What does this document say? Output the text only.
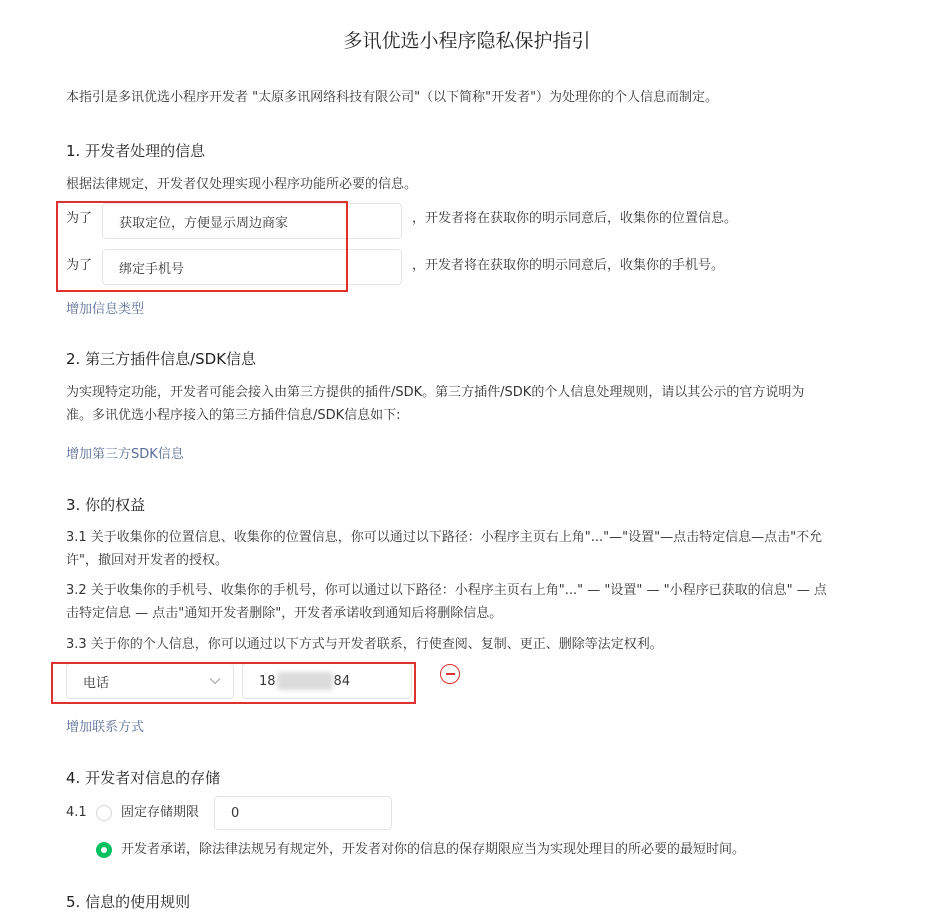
多讯优选小程序隐私保护指引
本指引是多讯优选小程序开发者 "太原多讯网络科技有限公司"（以下简称"开发者"）为处理你的个人信息而制定。
1. 开发者处理的信息
根据法律规定，开发者仅处理实现小程序功能所必要的信息。
为了	获取定位，方便显示周边商家	，开发者将在获取你的明示同意后，收集你的位置信息。
为了	绑定手机号	，开发者将在获取你的明示同意后，收集你的手机号。
增加信息类型
2. 第三方插件信息/SDK信息
为实现特定功能，开发者可能会接入由第三方提供的插件/SDK。第三方插件/SDK的个人信息处理规则，请以其公示的官方说明为
准。多讯优选小程序接入的第三方插件信息/SDK信息如下:
增加第三方SDK信息
3. 你的权益
3.1 关于收集你的位置信息、收集你的位置信息，你可以通过以下路径：小程序主页右上角"..."—"设置"—点击特定信息—点击"不允
许"，撤回对开发者的授权。
3.2 关于收集你的手机号、收集你的手机号，你可以通过以下路径：小程序主页右上角"..." — "设置" — "小程序已获取的信息" — 点
击特定信息 — 点击"通知开发者删除"，开发者承诺收到通知后将删除信息。
3.3 关于你的个人信息，你可以通过以下方式与开发者联系，行使查阅、复制、更正、删除等法定权利。
电话	18	84
增加联系方式
4. 开发者对信息的存储
4.1	固定存储期限	0
开发者承诺，除法律法规另有规定外，开发者对你的信息的保存期限应当为实现处理目的所必要的最短时间。
5. 信息的使用规则
